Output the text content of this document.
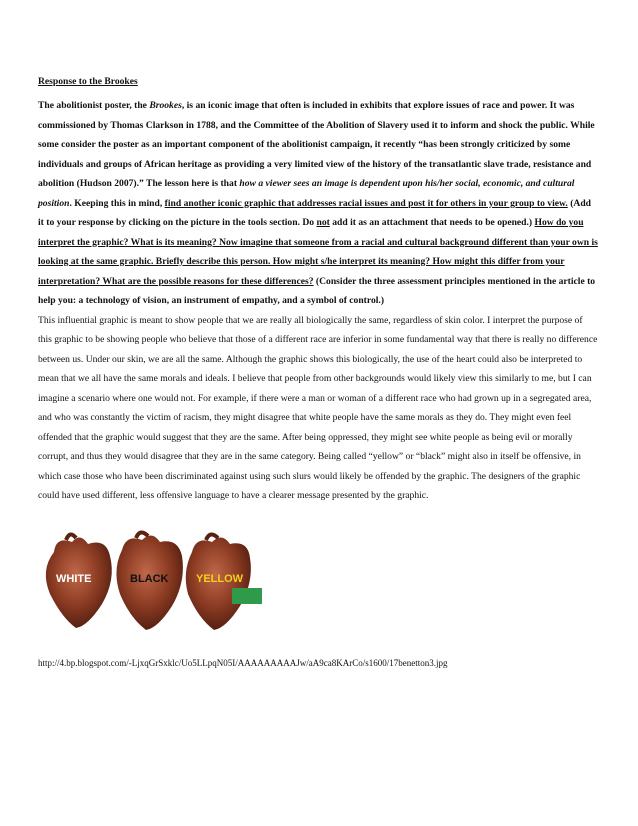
Response to the Brookes

The abolitionist poster, the Brookes, is an iconic image that often is included in exhibits that explore issues of race and power. It was commissioned by Thomas Clarkson in 1788, and the Committee of the Abolition of Slavery used it to inform and shock the public. While some consider the poster as an important component of the abolitionist campaign, it recently “has been strongly criticized by some individuals and groups of African heritage as providing a very limited view of the history of the transatlantic slave trade, resistance and abolition (Hudson 2007).” The lesson here is that how a viewer sees an image is dependent upon his/her social, economic, and cultural position. Keeping this in mind, find another iconic graphic that addresses racial issues and post it for others in your group to view. (Add it to your response by clicking on the picture in the tools section. Do not add it as an attachment that needs to be opened.) How do you interpret the graphic? What is its meaning? Now imagine that someone from a racial and cultural background different than your own is looking at the same graphic. Briefly describe this person. How might s/he interpret its meaning? How might this differ from your interpretation? What are the possible reasons for these differences? (Consider the three assessment principles mentioned in the article to help you: a technology of vision, an instrument of empathy, and a symbol of control.)

This influential graphic is meant to show people that we are really all biologically the same, regardless of skin color. I interpret the purpose of this graphic to be showing people who believe that those of a different race are inferior in some fundamental way that there is really no difference between us. Under our skin, we are all the same. Although the graphic shows this biologically, the use of the heart could also be interpreted to mean that we all have the same morals and ideals. I believe that people from other backgrounds would likely view this similarly to me, but I can imagine a scenario where one would not. For example, if there were a man or woman of a different race who had grown up in a segregated area, and who was constantly the victim of racism, they might disagree that white people have the same morals as they do. They might even feel offended that the graphic would suggest that they are the same. After being oppressed, they might see white people as being evil or morally corrupt, and thus they would disagree that they are in the same category. Being called “yellow” or “black” might also in itself be offensive, in which case those who have been discriminated against using such slurs would likely be offended by the graphic. The designers of the graphic could have used different, less offensive language to have a clearer message presented by the graphic.

WHITE	BLACK	YELLOW
http://4.bp.blogspot.com/-LjxqGrSxklc/Uo5LLpqN05I/AAAAAAAAAJw/aA9ca8KArCo/s1600/17benetton3.jpg
